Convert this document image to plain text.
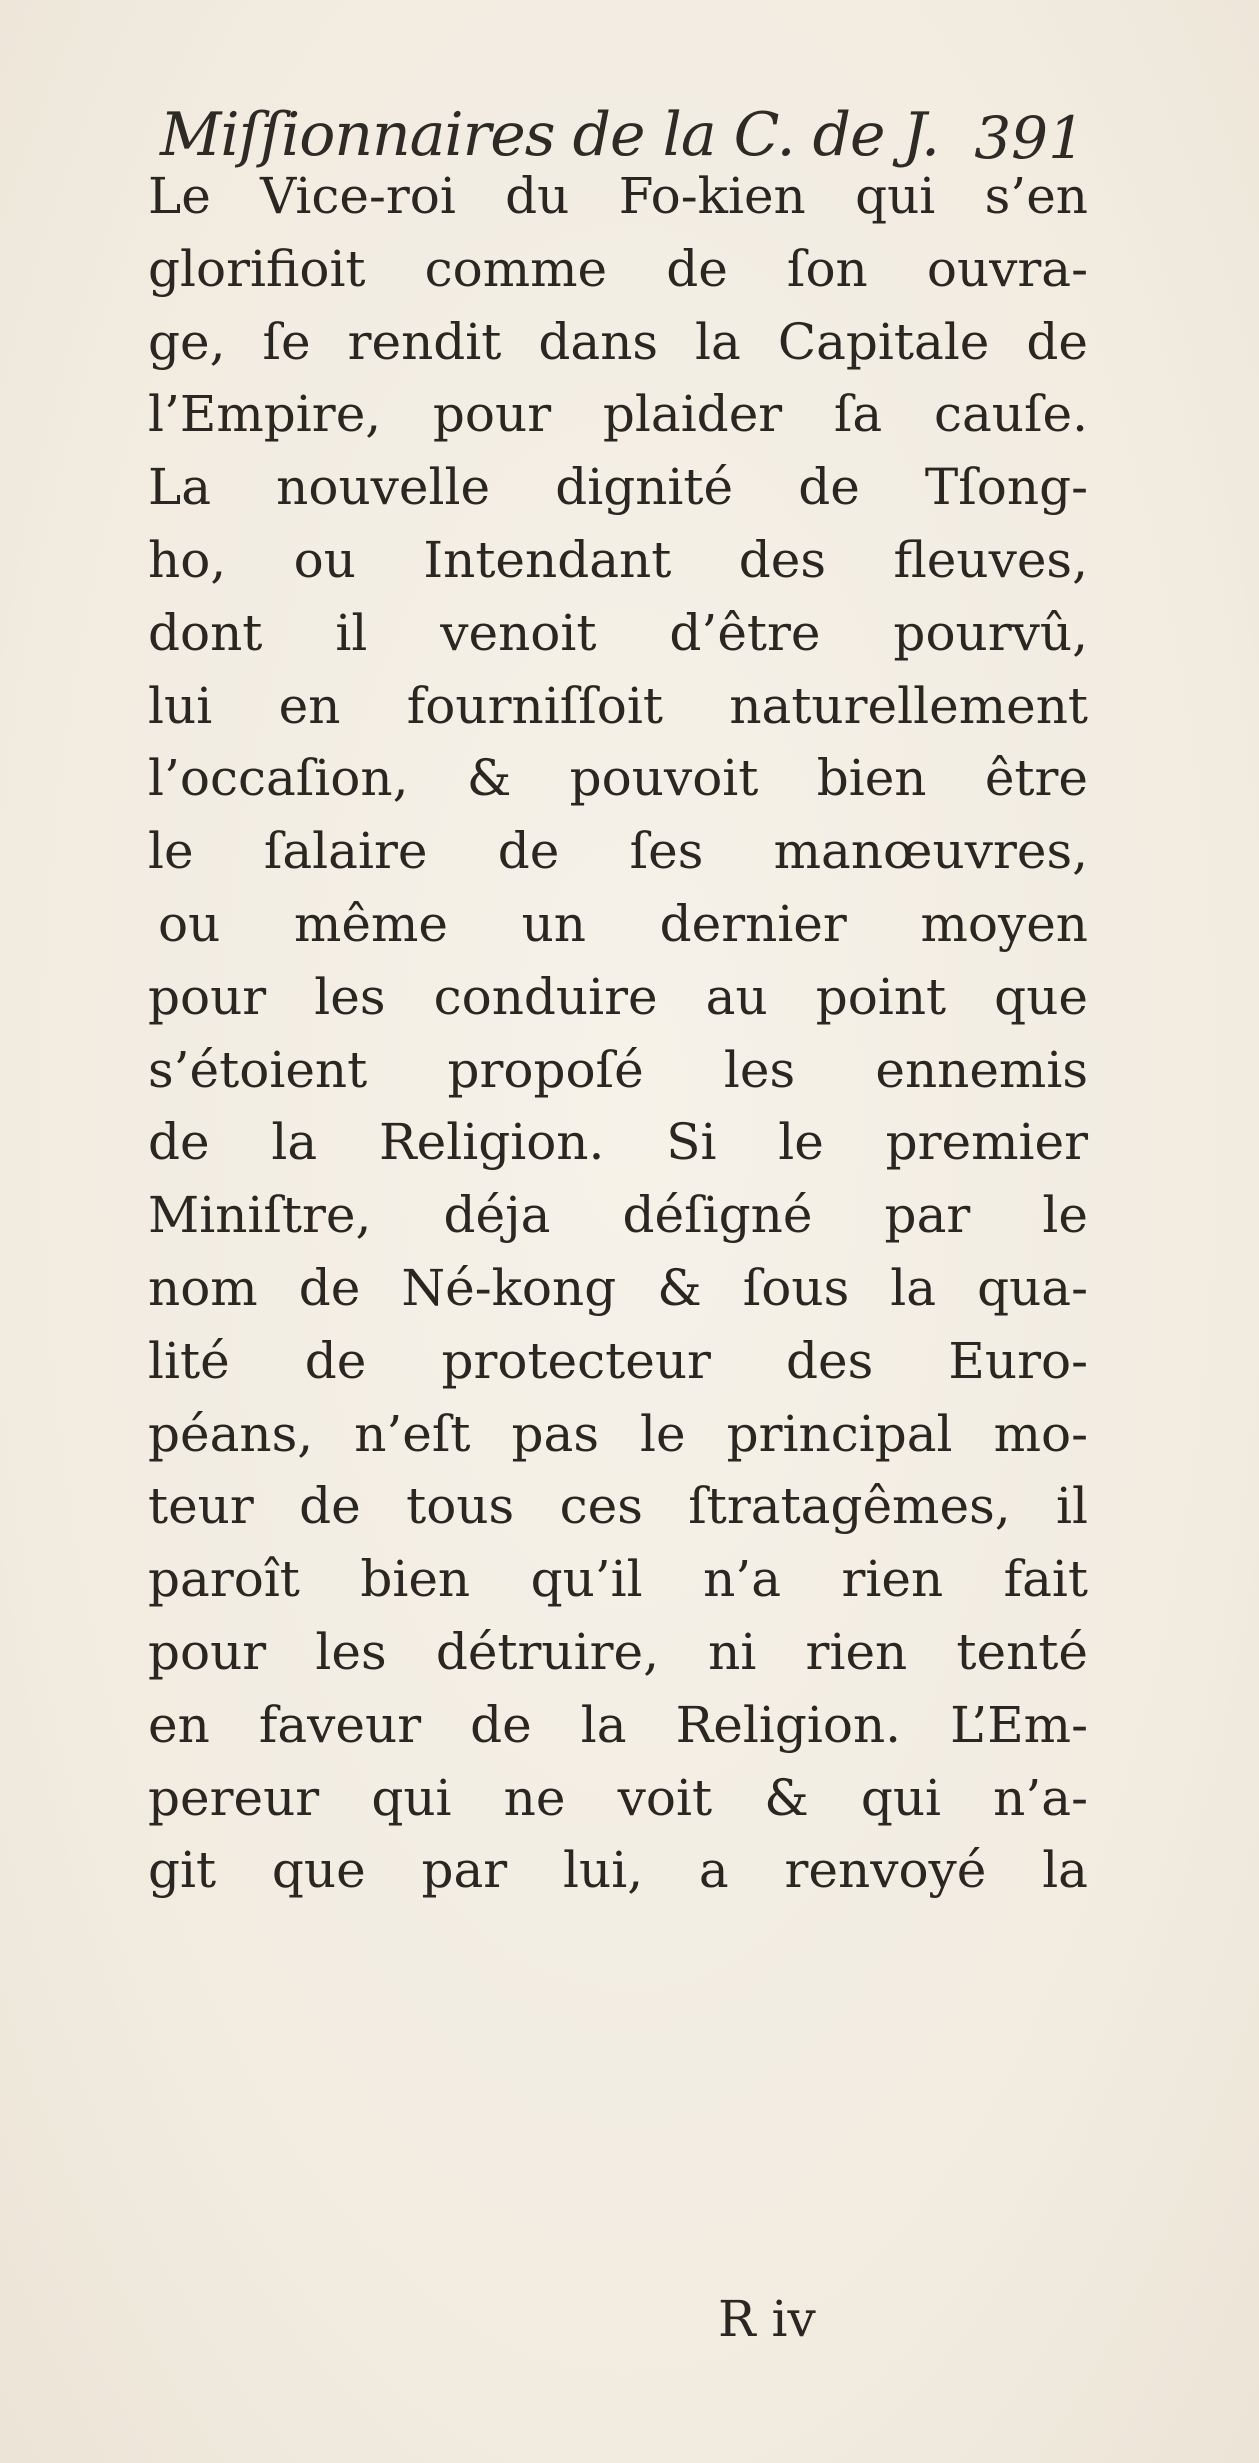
Miſſionnaires de la C. de J. 391
Le Vice-roi du Fo-kien qui s’en
glorifioit comme de ſon ouvra-
ge, ſe rendit dans la Capitale de
l’Empire, pour plaider ſa cauſe.
La nouvelle dignité de Tſong-
ho, ou Intendant des fleuves,
dont il venoit d’être pourvû,
lui en fourniſſoit naturellement
l’occaſion, & pouvoit bien être
le ſalaire de ſes manœuvres,
ou même un dernier moyen
pour les conduire au point que
s’étoient propoſé les ennemis
de la Religion. Si le premier
Miniſtre, déja déſigné par le
nom de Né-kong & ſous la qua-
lité de protecteur des Euro-
péans, n’eſt pas le principal mo-
teur de tous ces ſtratagêmes, il
paroît bien qu’il n’a rien fait
pour les détruire, ni rien tenté
en faveur de la Religion. L’Em-
pereur qui ne voit & qui n’a-
git que par lui, a renvoyé la
R iv
